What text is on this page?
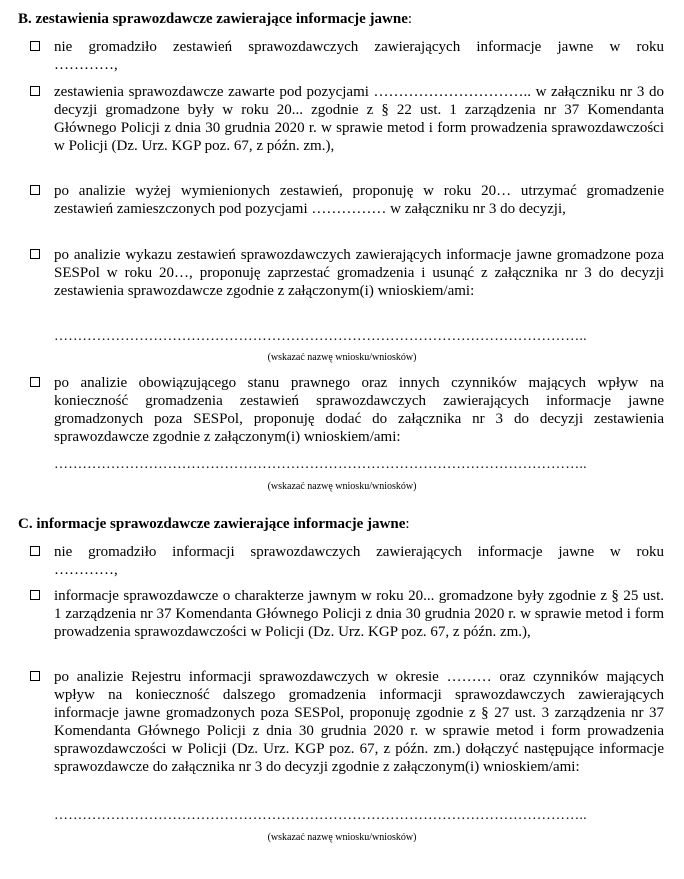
B. zestawienia sprawozdawcze zawierające informacje jawne:
nie gromadziło zestawień sprawozdawczych zawierających informacje jawne w roku
…………,
zestawienia sprawozdawcze zawarte pod pozycjami ………………………….. w załączniku nr 3 do decyzji gromadzone były w roku 20... zgodnie z § 22 ust. 1 zarządzenia nr 37 Komendanta Głównego Policji z dnia 30 grudnia 2020 r. w sprawie metod i form prowadzenia sprawozdawczości w Policji (Dz. Urz. KGP poz. 67, z późn. zm.),
po analizie wyżej wymienionych zestawień, proponuję w roku 20… utrzymać gromadzenie zestawień zamieszczonych pod pozycjami …………… w załączniku nr 3 do decyzji,
po analizie wykazu zestawień sprawozdawczych zawierających informacje jawne gromadzone poza SESPol w roku 20…, proponuję zaprzestać gromadzenia i usunąć z załącznika nr 3 do decyzji zestawienia sprawozdawcze zgodnie z załączonym(i) wnioskiem/ami:
…………………………………………………………………………………………………..
(wskazać nazwę wniosku/wniosków)
po analizie obowiązującego stanu prawnego oraz innych czynników mających wpływ na konieczność gromadzenia zestawień sprawozdawczych zawierających informacje jawne gromadzonych poza SESPol, proponuję dodać do załącznika nr 3 do decyzji zestawienia sprawozdawcze zgodnie z załączonym(i) wnioskiem/ami:
…………………………………………………………………………………………………..
(wskazać nazwę wniosku/wniosków)
C. informacje sprawozdawcze zawierające informacje jawne:
nie gromadziło informacji sprawozdawczych zawierających informacje jawne w roku
…………,
informacje sprawozdawcze o charakterze jawnym w roku 20... gromadzone były zgodnie z § 25 ust. 1 zarządzenia nr 37 Komendanta Głównego Policji z dnia 30 grudnia 2020 r. w sprawie metod i form prowadzenia sprawozdawczości w Policji (Dz. Urz. KGP poz. 67, z późn. zm.),
po analizie Rejestru informacji sprawozdawczych w okresie ……… oraz czynników mających wpływ na konieczność dalszego gromadzenia informacji sprawozdawczych zawierających informacje jawne gromadzonych poza SESPol, proponuję zgodnie z § 27 ust. 3 zarządzenia nr 37 Komendanta Głównego Policji z dnia 30 grudnia 2020 r. w sprawie metod i form prowadzenia sprawozdawczości w Policji (Dz. Urz. KGP poz. 67, z późn. zm.) dołączyć następujące informacje sprawozdawcze do załącznika nr 3 do decyzji zgodnie z załączonym(i) wnioskiem/ami:
…………………………………………………………………………………………………..
(wskazać nazwę wniosku/wniosków)
